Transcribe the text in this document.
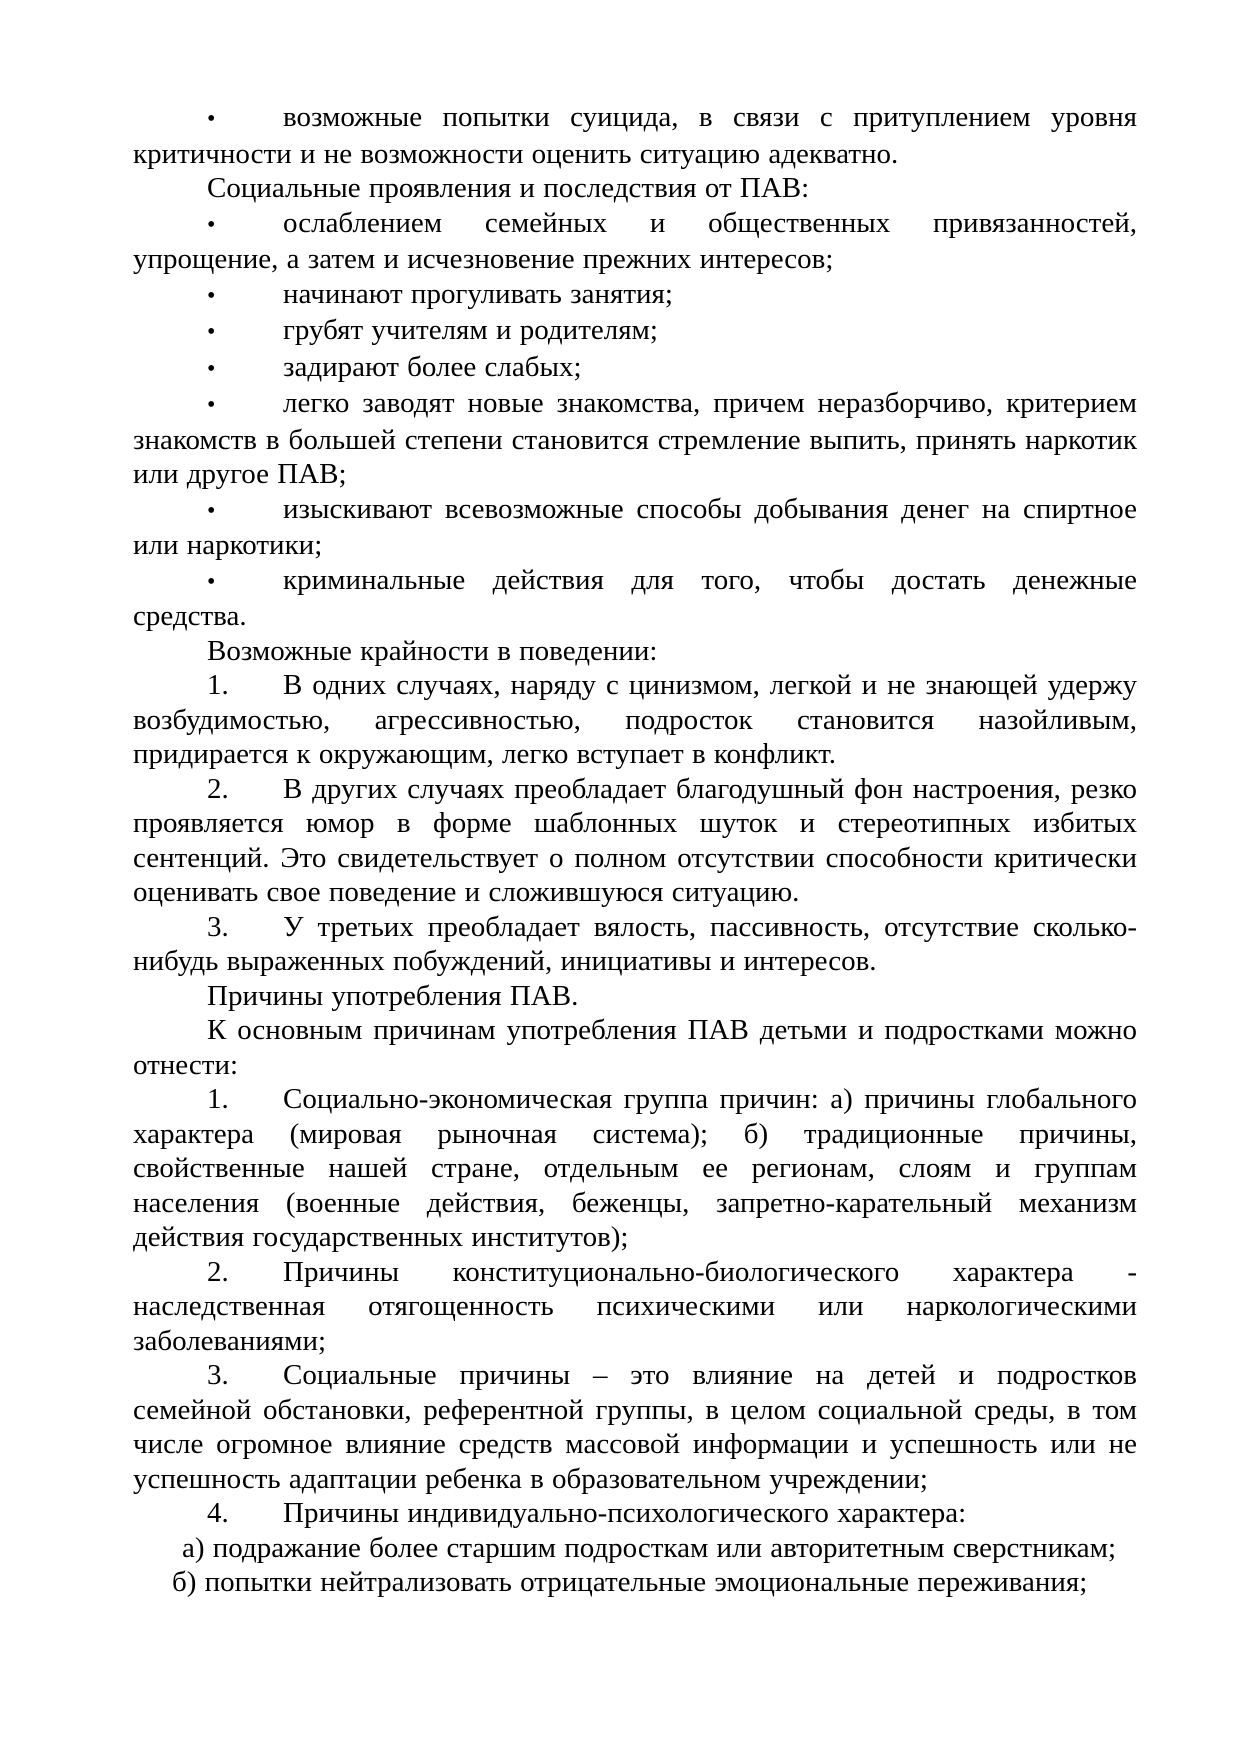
• возможные попытки суицида, в связи с притуплением уровня критичности и не возможности оценить ситуацию адекватно.

Социальные проявления и последствия от ПАВ:

• ослаблением семейных и общественных привязанностей, упрощение, а затем и исчезновение прежних интересов;

• начинают прогуливать занятия;

• грубят учителям и родителям;

• задирают более слабых;

• легко заводят новые знакомства, причем неразборчиво, критерием знакомств в большей степени становится стремление выпить, принять наркотик или другое ПАВ;

• изыскивают всевозможные способы добывания денег на спиртное или наркотики;

• криминальные действия для того, чтобы достать денежные средства.

Возможные крайности в поведении:

1. В одних случаях, наряду с цинизмом, легкой и не знающей удержу возбудимостью, агрессивностью, подросток становится назойливым, придирается к окружающим, легко вступает в конфликт.

2. В других случаях преобладает благодушный фон настроения, резко проявляется юмор в форме шаблонных шуток и стереотипных избитых сентенций. Это свидетельствует о полном отсутствии способности критически оценивать свое поведение и сложившуюся ситуацию.

3. У третьих преобладает вялость, пассивность, отсутствие сколько-нибудь выраженных побуждений, инициативы и интересов.

Причины употребления ПАВ.

К основным причинам употребления ПАВ детьми и подростками можно отнести:

1. Социально-экономическая группа причин: а) причины глобального характера (мировая рыночная система); б) традиционные причины, свойственные нашей стране, отдельным ее регионам, слоям и группам населения (военные действия, беженцы, запретно-карательный механизм действия государственных институтов);

2. Причины конституционально-биологического характера - наследственная отягощенность психическими или наркологическими заболеваниями;

3. Социальные причины – это влияние на детей и подростков семейной обстановки, референтной группы, в целом социальной среды, в том числе огромное влияние средств массовой информации и успешность или не успешность адаптации ребенка в образовательном учреждении;

4. Причины индивидуально-психологического характера:

а) подражание более старшим подросткам или авторитетным сверстникам;

б) попытки нейтрализовать отрицательные эмоциональные переживания;
